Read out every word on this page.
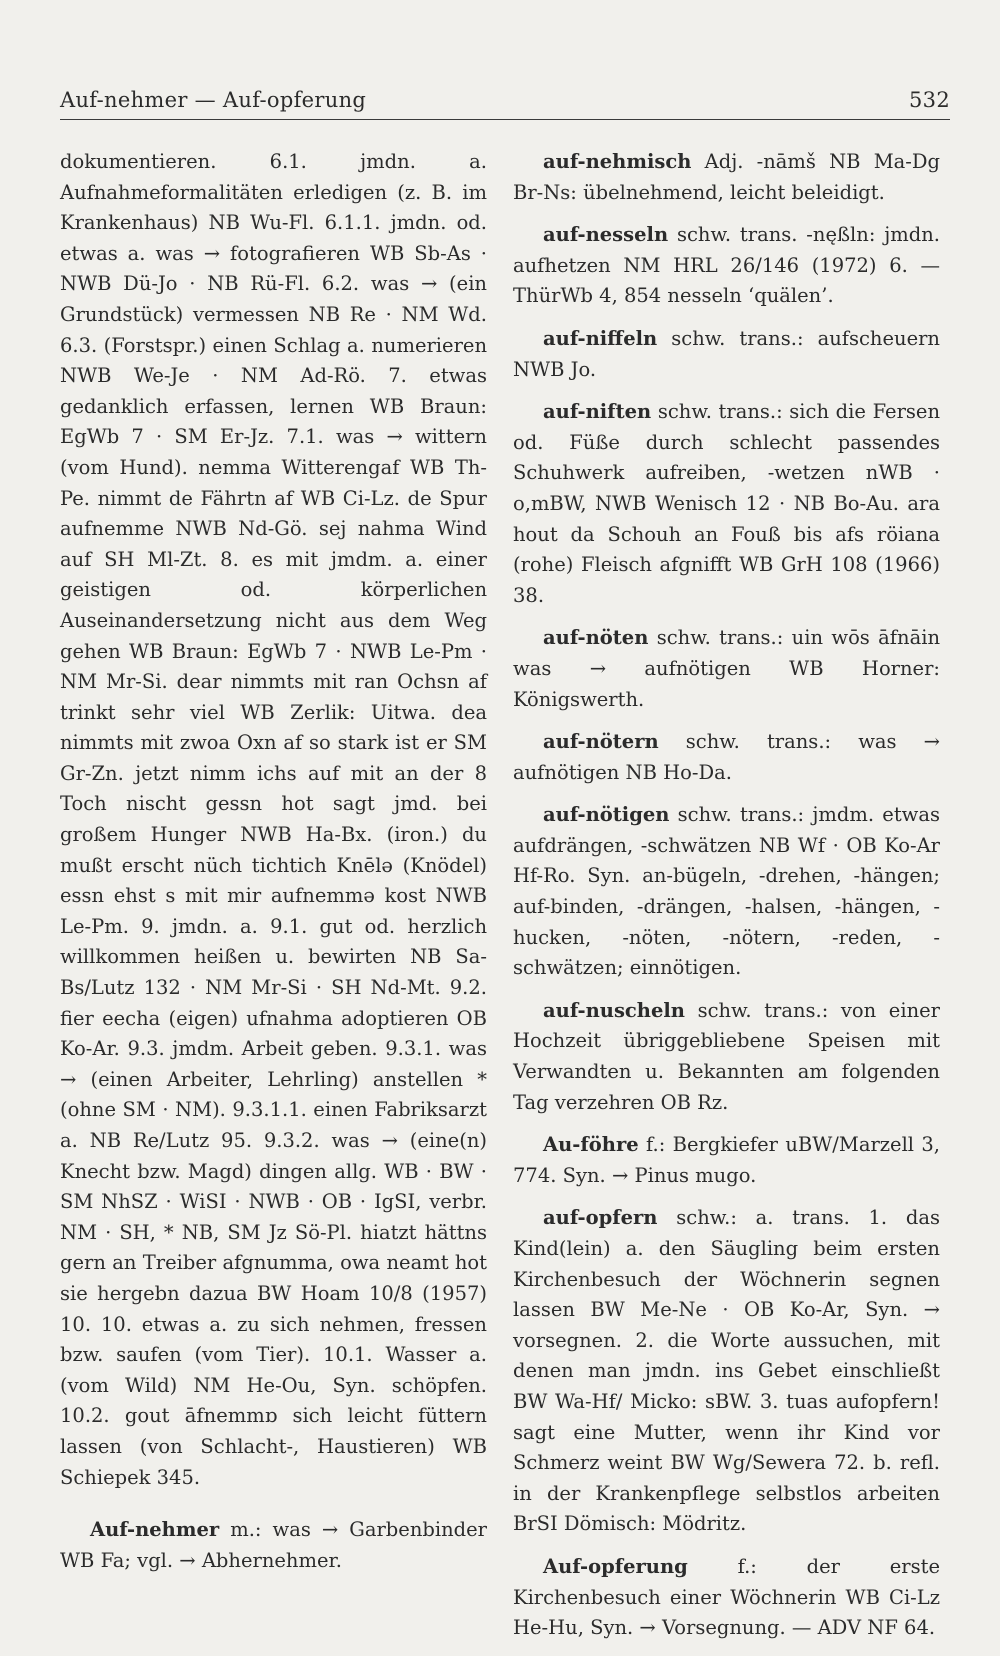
Auf-nehmer — Auf-opferung	532

dokumentieren. 6.1. jmdn. a. Aufnahmeformalitäten erledigen (z. B. im Krankenhaus) NB Wu-Fl. 6.1.1. jmdn. od. etwas a. was → fotografieren WB Sb-As · NWB Dü-Jo · NB Rü-Fl. 6.2. was → (ein Grundstück) vermessen NB Re · NM Wd. 6.3. (Forstspr.) einen Schlag a. numerieren NWB We-Je · NM Ad-Rö. 7. etwas gedanklich erfassen, lernen WB Braun: EgWb 7 · SM Er-Jz. 7.1. was → wittern (vom Hund). nemma Witterengaf WB Th-Pe. nimmt de Fährtn af WB Ci-Lz. de Spur aufnemme NWB Nd-Gö. sej nahma Wind auf SH Ml-Zt. 8. es mit jmdm. a. einer geistigen od. körperlichen Auseinandersetzung nicht aus dem Weg gehen WB Braun: EgWb 7 · NWB Le-Pm · NM Mr-Si. dear nimmts mit ran Ochsn af trinkt sehr viel WB Zerlik: Uitwa. dea nimmts mit zwoa Oxn af so stark ist er SM Gr-Zn. jetzt nimm ichs auf mit an der 8 Toch nischt gessn hot sagt jmd. bei großem Hunger NWB Ha-Bx. (iron.) du mußt erscht nüch tichtich Knēlə (Knödel) essn ehst s mit mir aufnemmə kost NWB Le-Pm. 9. jmdn. a. 9.1. gut od. herzlich willkommen heißen u. bewirten NB Sa-Bs/Lutz 132 · NM Mr-Si · SH Nd-Mt. 9.2. fier eecha (eigen) ufnahma adoptieren OB Ko-Ar. 9.3. jmdm. Arbeit geben. 9.3.1. was → (einen Arbeiter, Lehrling) anstellen * (ohne SM · NM). 9.3.1.1. einen Fabriksarzt a. NB Re/Lutz 95. 9.3.2. was → (eine(n) Knecht bzw. Magd) dingen allg. WB · BW · SM NhSZ · WiSI · NWB · OB · IgSI, verbr. NM · SH, * NB, SM Jz Sö-Pl. hiatzt hättns gern an Treiber afgnumma, owa neamt hot sie hergebn dazua BW Hoam 10/8 (1957) 10. 10. etwas a. zu sich nehmen, fressen bzw. saufen (vom Tier). 10.1. Wasser a. (vom Wild) NM He-Ou, Syn. schöpfen. 10.2. gout āfnemmɒ sich leicht füttern lassen (von Schlacht-, Haustieren) WB Schiepek 345.

Auf-nehmer m.: was → Garbenbinder WB Fa; vgl. → Abhernehmer.

auf-nehmisch Adj. -nāmš NB Ma-Dg Br-Ns: übelnehmend, leicht beleidigt.

auf-nesseln schw. trans. -nęßln: jmdn. aufhetzen NM HRL 26/146 (1972) 6. — ThürWb 4, 854 nesseln ‘quälen’.

auf-niffeln schw. trans.: aufscheuern NWB Jo.

auf-niften schw. trans.: sich die Fersen od. Füße durch schlecht passendes Schuhwerk aufreiben, -wetzen nWB · o,mBW, NWB Wenisch 12 · NB Bo-Au. ara hout da Schouh an Fouß bis afs röiana (rohe) Fleisch afgnifft WB GrH 108 (1966) 38.

auf-nöten schw. trans.: uin wōs āfnāin was → aufnötigen WB Horner: Königswerth.

auf-nötern schw. trans.: was → aufnötigen NB Ho-Da.

auf-nötigen schw. trans.: jmdm. etwas aufdrängen, -schwätzen NB Wf · OB Ko-Ar Hf-Ro. Syn. an-bügeln, -drehen, -hängen; auf-binden, -drängen, -halsen, -hängen, -hucken, -nöten, -nötern, -reden, -schwätzen; einnötigen.

auf-nuscheln schw. trans.: von einer Hochzeit übriggebliebene Speisen mit Verwandten u. Bekannten am folgenden Tag verzehren OB Rz.

Au-föhre f.: Bergkiefer uBW/Marzell 3, 774. Syn. → Pinus mugo.

auf-opfern schw.: a. trans. 1. das Kind(lein) a. den Säugling beim ersten Kirchenbesuch der Wöchnerin segnen lassen BW Me-Ne · OB Ko-Ar, Syn. → vorsegnen. 2. die Worte aussuchen, mit denen man jmdn. ins Gebet einschließt BW Wa-Hf/ Micko: sBW. 3. tuas aufopfern! sagt eine Mutter, wenn ihr Kind vor Schmerz weint BW Wg/Sewera 72. b. refl. in der Krankenpflege selbstlos arbeiten BrSI Dömisch: Mödritz.

Auf-opferung	f.: der erste Kirchenbesuch einer Wöchnerin WB Ci-Lz He-Hu, Syn. → Vorsegnung. — ADV NF 64.
